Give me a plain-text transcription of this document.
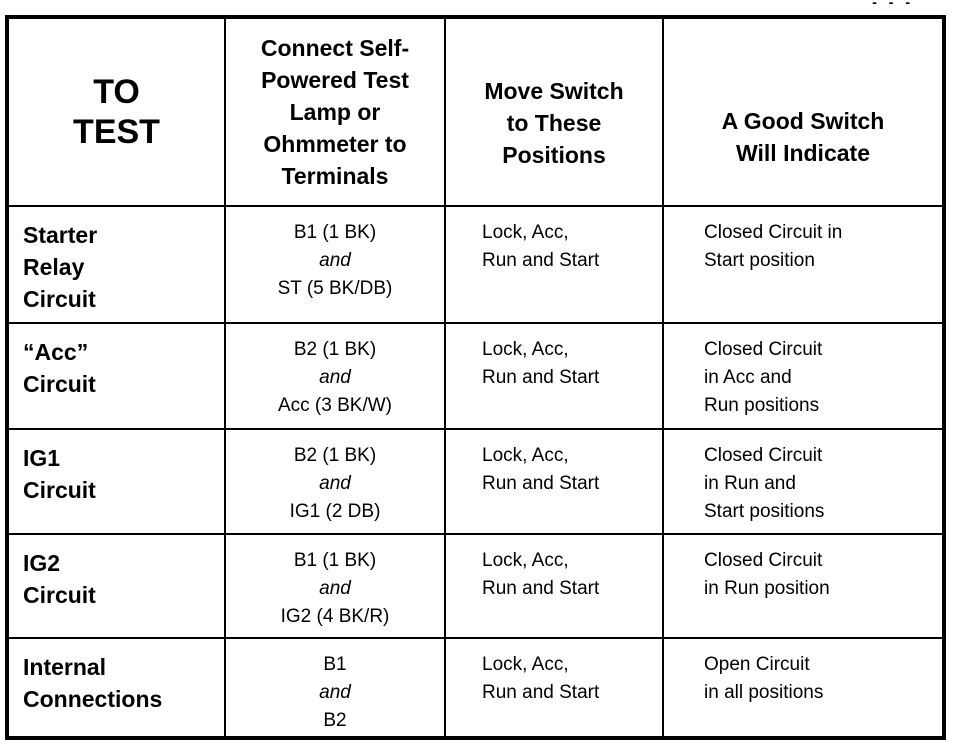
- - -
TO
TEST	Connect Self-
Powered Test
Lamp or
Ohmmeter to
Terminals	Move Switch
to These
Positions	A Good Switch
Will Indicate

Starter
Relay
Circuit	B1 (1 BK)
and
ST (5 BK/DB)	Lock, Acc,
Run and Start	Closed Circuit in
Start position

“Acc”
Circuit	B2 (1 BK)
and
Acc (3 BK/W)	Lock, Acc,
Run and Start	Closed Circuit
in Acc and
Run positions

IG1
Circuit	B2 (1 BK)
and
IG1 (2 DB)	Lock, Acc,
Run and Start	Closed Circuit
in Run and
Start positions

IG2
Circuit	B1 (1 BK)
and
IG2 (4 BK/R)	Lock, Acc,
Run and Start	Closed Circuit
in Run position

Internal
Connections	B1
and
B2	Lock, Acc,
Run and Start	Open Circuit
in all positions
